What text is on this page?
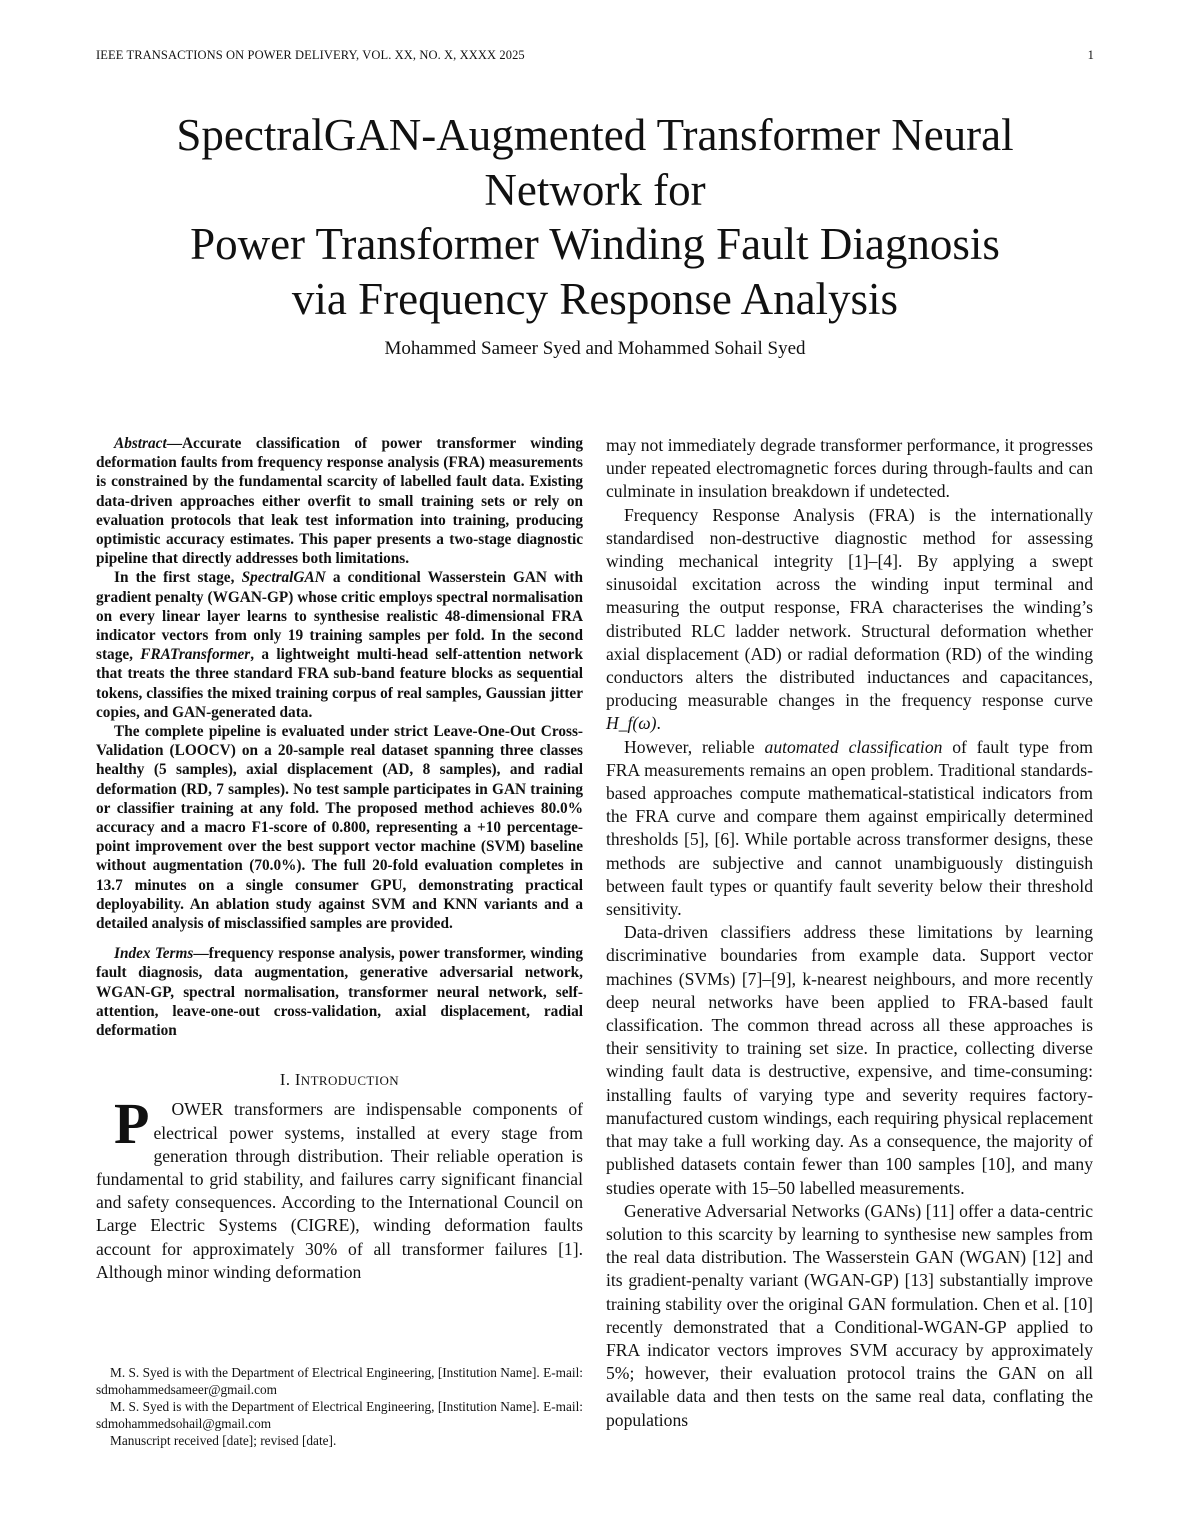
IEEE TRANSACTIONS ON POWER DELIVERY, VOL. XX, NO. X, XXXX 2025	1
SpectralGAN-Augmented Transformer Neural
Network for
Power Transformer Winding Fault Diagnosis
via Frequency Response Analysis
Mohammed Sameer Syed and Mohammed Sohail Syed

Abstract—Accurate classification of power transformer winding deformation faults from frequency response analysis (FRA) measurements is constrained by the fundamental scarcity of labelled fault data. Existing data-driven approaches either overfit to small training sets or rely on evaluation protocols that leak test information into training, producing optimistic accuracy estimates. This paper presents a two-stage diagnostic pipeline that directly addresses both limitations.

In the first stage, SpectralGAN a conditional Wasserstein GAN with gradient penalty (WGAN-GP) whose critic employs spectral normalisation on every linear layer learns to synthesise realistic 48-dimensional FRA indicator vectors from only 19 training samples per fold. In the second stage, FRATransformer, a lightweight multi-head self-attention network that treats the three standard FRA sub-band feature blocks as sequential tokens, classifies the mixed training corpus of real samples, Gaussian jitter copies, and GAN-generated data.

The complete pipeline is evaluated under strict Leave-One-Out Cross-Validation (LOOCV) on a 20-sample real dataset spanning three classes healthy (5 samples), axial displacement (AD, 8 samples), and radial deformation (RD, 7 samples). No test sample participates in GAN training or classifier training at any fold. The proposed method achieves 80.0% accuracy and a macro F1-score of 0.800, representing a +10 percentage-point improvement over the best support vector machine (SVM) baseline without augmentation (70.0%). The full 20-fold evaluation completes in 13.7 minutes on a single consumer GPU, demonstrating practical deployability. An ablation study against SVM and KNN variants and a detailed analysis of misclassified samples are provided.

Index Terms—frequency response analysis, power transformer, winding fault diagnosis, data augmentation, generative adversarial network, WGAN-GP, spectral normalisation, transformer neural network, self-attention, leave-one-out cross-validation, axial displacement, radial deformation
I. INTRODUCTION

P OWER transformers are indispensable components of electrical power systems, installed at every stage from generation through distribution. Their reliable operation is fundamental to grid stability, and failures carry significant financial and safety consequences. According to the International Council on Large Electric Systems (CIGRE), winding deformation faults account for approximately 30% of all transformer failures [1]. Although minor winding deformation

M. S. Syed is with the Department of Electrical Engineering, [Institution Name]. E-mail: sdmohammedsameer@gmail.com

M. S. Syed is with the Department of Electrical Engineering, [Institution Name]. E-mail: sdmohammedsohail@gmail.com

Manuscript received [date]; revised [date].

may not immediately degrade transformer performance, it progresses under repeated electromagnetic forces during through-faults and can culminate in insulation breakdown if undetected.

Frequency Response Analysis (FRA) is the internationally standardised non-destructive diagnostic method for assessing winding mechanical integrity [1]–[4]. By applying a swept sinusoidal excitation across the winding input terminal and measuring the output response, FRA characterises the winding’s distributed RLC ladder network. Structural deformation whether axial displacement (AD) or radial deformation (RD) of the winding conductors alters the distributed inductances and capacitances, producing measurable changes in the frequency response curve H_f(ω).

However, reliable automated classification of fault type from FRA measurements remains an open problem. Traditional standards-based approaches compute mathematical-statistical indicators from the FRA curve and compare them against empirically determined thresholds [5], [6]. While portable across transformer designs, these methods are subjective and cannot unambiguously distinguish between fault types or quantify fault severity below their threshold sensitivity.

Data-driven classifiers address these limitations by learning discriminative boundaries from example data. Support vector machines (SVMs) [7]–[9], k-nearest neighbours, and more recently deep neural networks have been applied to FRA-based fault classification. The common thread across all these approaches is their sensitivity to training set size. In practice, collecting diverse winding fault data is destructive, expensive, and time-consuming: installing faults of varying type and severity requires factory-manufactured custom windings, each requiring physical replacement that may take a full working day. As a consequence, the majority of published datasets contain fewer than 100 samples [10], and many studies operate with 15–50 labelled measurements.

Generative Adversarial Networks (GANs) [11] offer a data-centric solution to this scarcity by learning to synthesise new samples from the real data distribution. The Wasserstein GAN (WGAN) [12] and its gradient-penalty variant (WGAN-GP) [13] substantially improve training stability over the original GAN formulation. Chen et al. [10] recently demonstrated that a Conditional-WGAN-GP applied to FRA indicator vectors improves SVM accuracy by approximately 5%; however, their evaluation protocol trains the GAN on all available data and then tests on the same real data, conflating the populations
